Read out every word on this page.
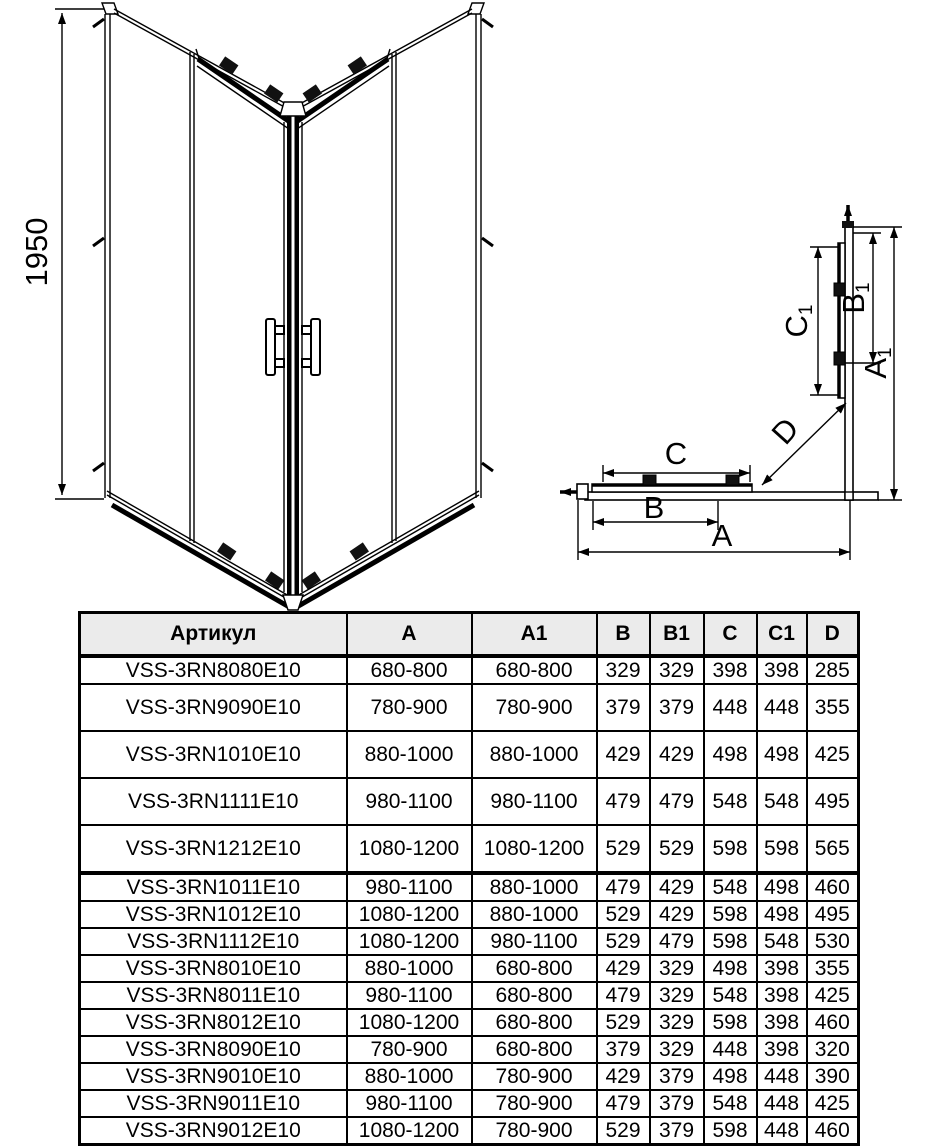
1950
C
B
A
D
C1 B1
A1
Артикул	A	A1	B	B1	C	C1	D
VSS-3RN8080E10	680-800	680-800	329	329	398	398	285
VSS-3RN9090E10	780-900	780-900	379	379	448	448	355
VSS-3RN1010E10	880-1000	880-1000	429	429	498	498	425
VSS-3RN1111E10	980-1100	980-1100	479	479	548	548	495
VSS-3RN1212E10	1080-1200	1080-1200	529	529	598	598	565
VSS-3RN1011E10	980-1100	880-1000	479	429	548	498	460
VSS-3RN1012E10	1080-1200	880-1000	529	429	598	498	495
VSS-3RN1112E10	1080-1200	980-1100	529	479	598	548	530
VSS-3RN8010E10	880-1000	680-800	429	329	498	398	355
VSS-3RN8011E10	980-1100	680-800	479	329	548	398	425
VSS-3RN8012E10	1080-1200	680-800	529	329	598	398	460
VSS-3RN8090E10	780-900	680-800	379	329	448	398	320
VSS-3RN9010E10	880-1000	780-900	429	379	498	448	390
VSS-3RN9011E10	980-1100	780-900	479	379	548	448	425
VSS-3RN9012E10	1080-1200	780-900	529	379	598	448	460
